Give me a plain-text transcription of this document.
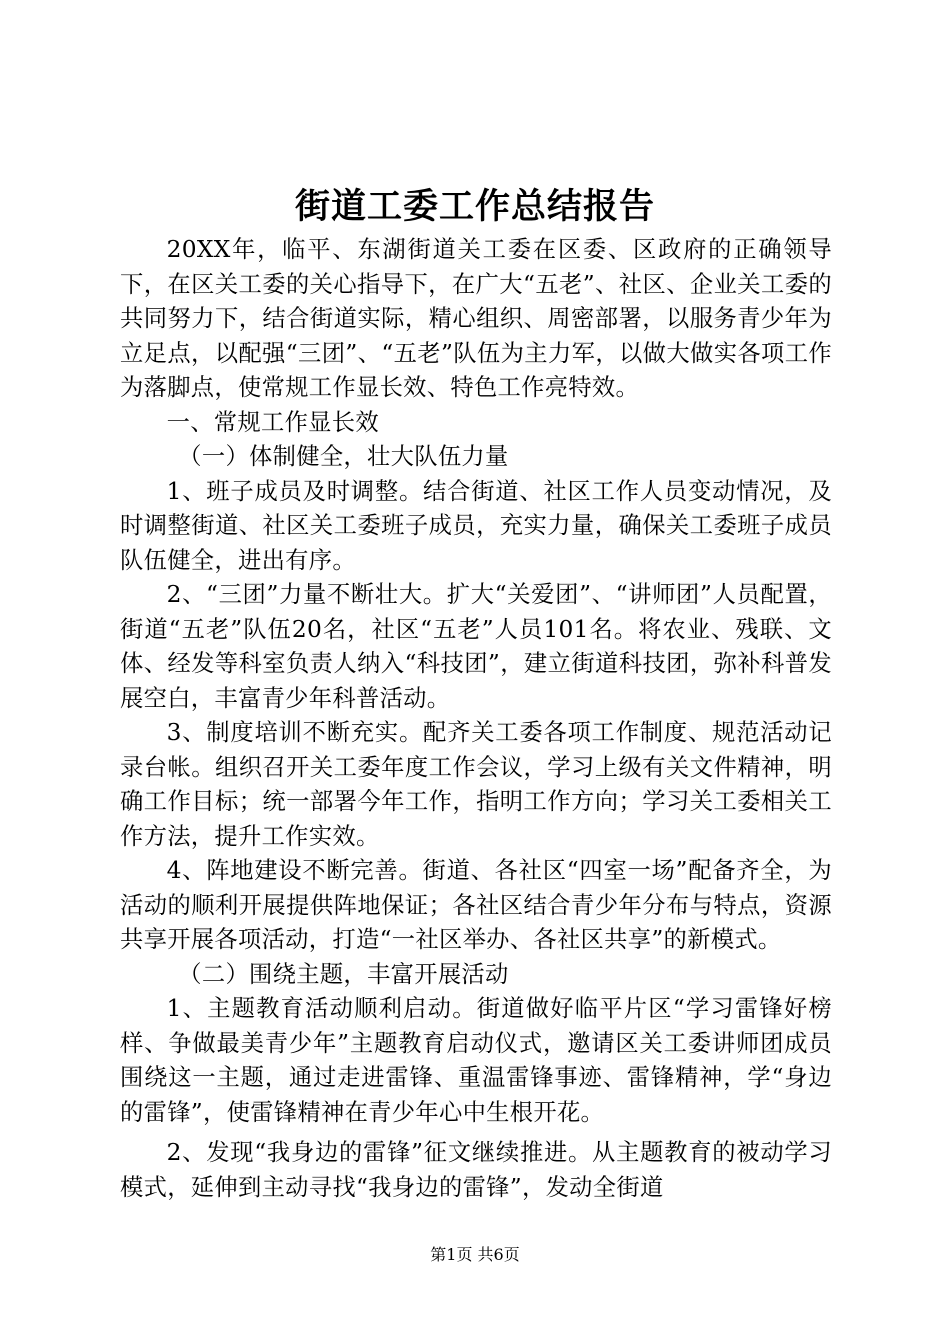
街道工委工作总结报告

20XX年，临平、东湖街道关工委在区委、区政府的正确领导下，在区关工委的关心指导下，在广大“五老”、社区、企业关工委的共同努力下，结合街道实际，精心组织、周密部署，以服务青少年为立足点，以配强“三团”、“五老”队伍为主力军，以做大做实各项工作为落脚点，使常规工作显长效、特色工作亮特效。

一、常规工作显长效

（一）体制健全，壮大队伍力量

1、班子成员及时调整。结合街道、社区工作人员变动情况，及时调整街道、社区关工委班子成员，充实力量，确保关工委班子成员队伍健全，进出有序。

2、“三团”力量不断壮大。扩大“关爱团”、“讲师团”人员配置，街道“五老”队伍20名，社区“五老”人员101名。将农业、残联、文体、经发等科室负责人纳入“科技团”，建立街道科技团，弥补科普发展空白，丰富青少年科普活动。

3、制度培训不断充实。配齐关工委各项工作制度、规范活动记录台帐。组织召开关工委年度工作会议，学习上级有关文件精神，明确工作目标；统一部署今年工作，指明工作方向；学习关工委相关工作方法，提升工作实效。

4、阵地建设不断完善。街道、各社区“四室一场”配备齐全，为活动的顺利开展提供阵地保证；各社区结合青少年分布与特点，资源共享开展各项活动，打造“一社区举办、各社区共享”的新模式。

（二）围绕主题，丰富开展活动

1、主题教育活动顺利启动。街道做好临平片区“学习雷锋好榜样、争做最美青少年”主题教育启动仪式，邀请区关工委讲师团成员围绕这一主题，通过走进雷锋、重温雷锋事迹、雷锋精神，学“身边的雷锋”，使雷锋精神在青少年心中生根开花。

2、发现“我身边的雷锋”征文继续推进。从主题教育的被动学习模式，延伸到主动寻找“我身边的雷锋”，发动全街道

第1页 共6页
